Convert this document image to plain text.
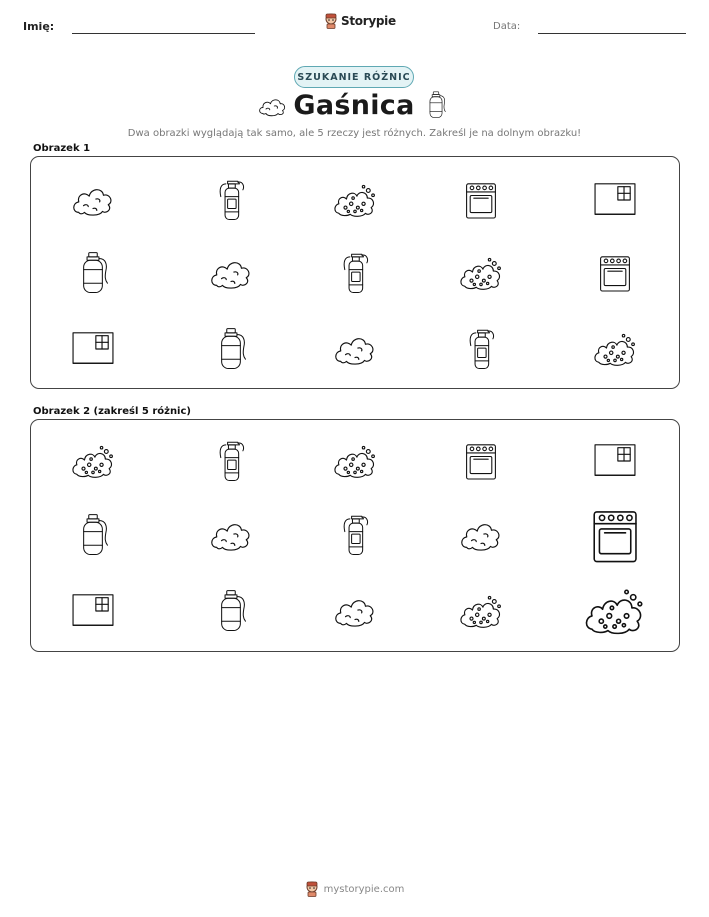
Imię:	Storypie	Data:
SZUKANIE RÓŻNIC
Gaśnica
Dwa obrazki wyglądają tak samo, ale 5 rzeczy jest różnych. Zakreśl je na dolnym obrazku!
Obrazek 1
Obrazek 2 (zakreśl 5 różnic)
mystorypie.com
